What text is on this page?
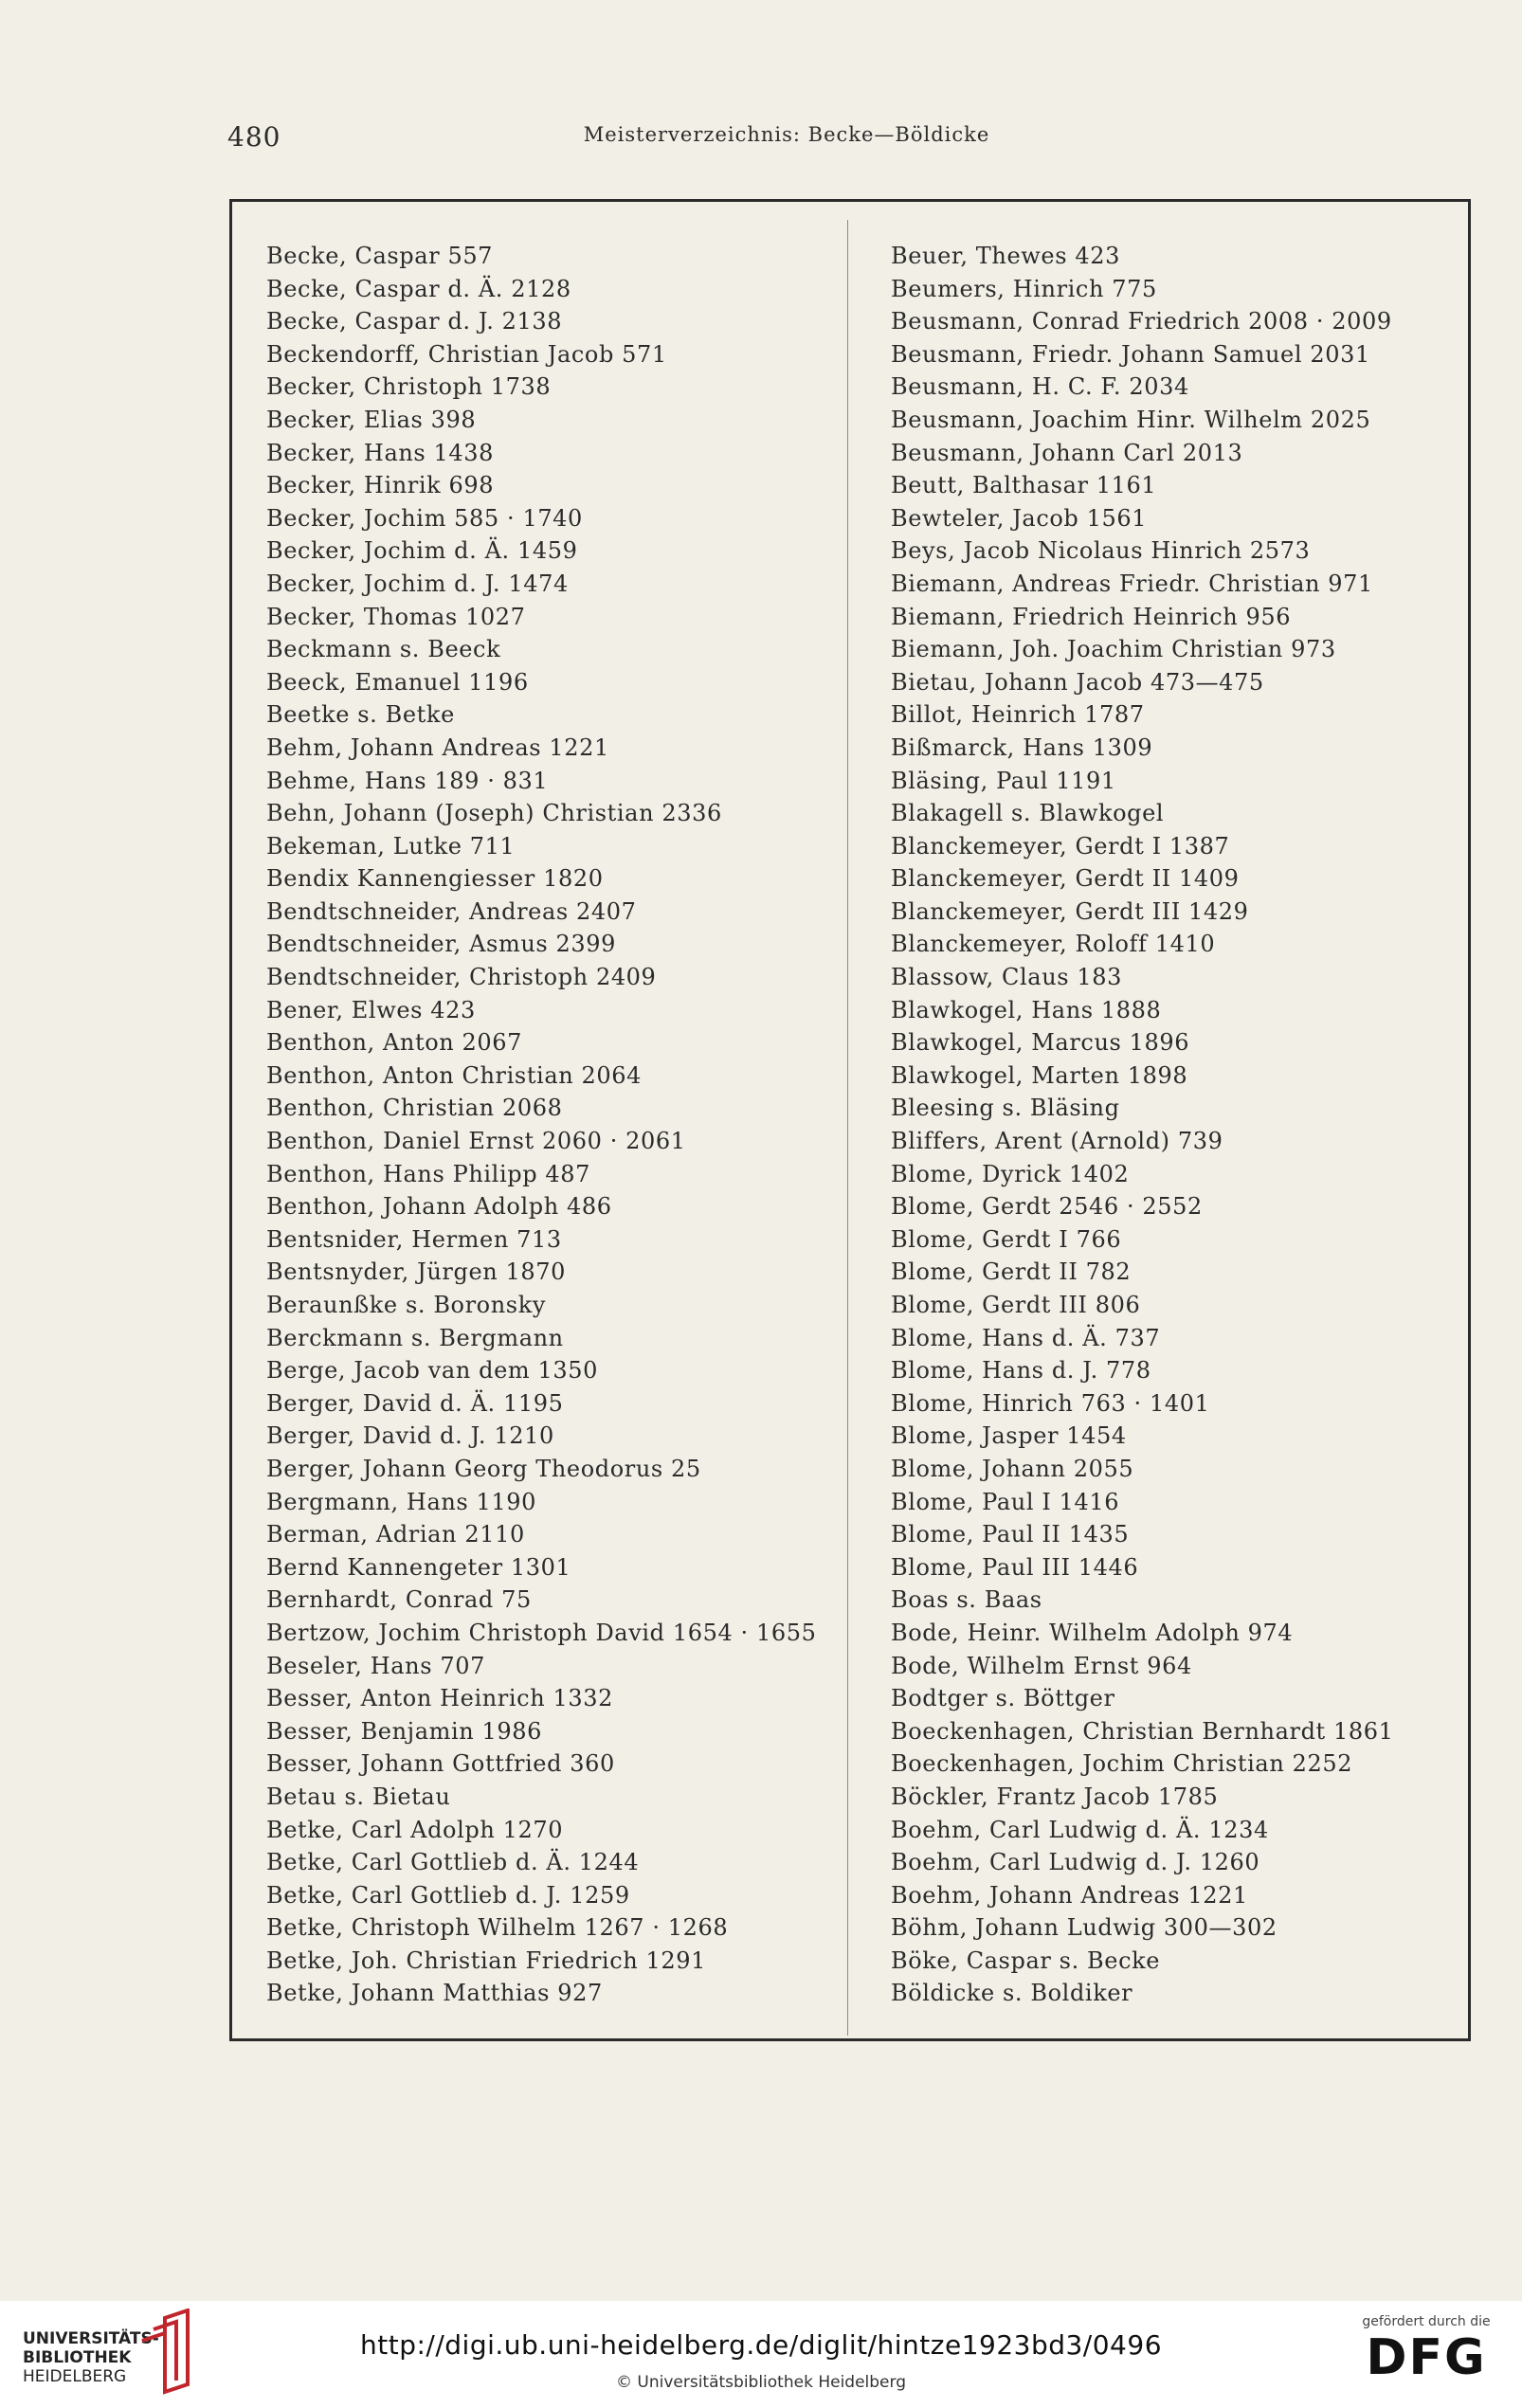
480	Meisterverzeichnis: Becke—Böldicke
Becke, Caspar 557
Becke, Caspar d. Ä. 2128
Becke, Caspar d. J. 2138
Beckendorff, Christian Jacob 571
Becker, Christoph 1738
Becker, Elias 398
Becker, Hans 1438
Becker, Hinrik 698
Becker, Jochim 585 · 1740
Becker, Jochim d. Ä. 1459
Becker, Jochim d. J. 1474
Becker, Thomas 1027
Beckmann s. Beeck
Beeck, Emanuel 1196
Beetke s. Betke
Behm, Johann Andreas 1221
Behme, Hans 189 · 831
Behn, Johann (Joseph) Christian 2336
Bekeman, Lutke 711
Bendix Kannengiesser 1820
Bendtschneider, Andreas 2407
Bendtschneider, Asmus 2399
Bendtschneider, Christoph 2409
Bener, Elwes 423
Benthon, Anton 2067
Benthon, Anton Christian 2064
Benthon, Christian 2068
Benthon, Daniel Ernst 2060 · 2061
Benthon, Hans Philipp 487
Benthon, Johann Adolph 486
Bentsnider, Hermen 713
Bentsnyder, Jürgen 1870
Beraunßke s. Boronsky
Berckmann s. Bergmann
Berge, Jacob van dem 1350
Berger, David d. Ä. 1195
Berger, David d. J. 1210
Berger, Johann Georg Theodorus 25
Bergmann, Hans 1190
Berman, Adrian 2110
Bernd Kannengeter 1301
Bernhardt, Conrad 75
Bertzow, Jochim Christoph David 1654 · 1655
Beseler, Hans 707
Besser, Anton Heinrich 1332
Besser, Benjamin 1986
Besser, Johann Gottfried 360
Betau s. Bietau
Betke, Carl Adolph 1270
Betke, Carl Gottlieb d. Ä. 1244
Betke, Carl Gottlieb d. J. 1259
Betke, Christoph Wilhelm 1267 · 1268
Betke, Joh. Christian Friedrich 1291
Betke, Johann Matthias 927
Beuer, Thewes 423
Beumers, Hinrich 775
Beusmann, Conrad Friedrich 2008 · 2009
Beusmann, Friedr. Johann Samuel 2031
Beusmann, H. C. F. 2034
Beusmann, Joachim Hinr. Wilhelm 2025
Beusmann, Johann Carl 2013
Beutt, Balthasar 1161
Bewteler, Jacob 1561
Beys, Jacob Nicolaus Hinrich 2573
Biemann, Andreas Friedr. Christian 971
Biemann, Friedrich Heinrich 956
Biemann, Joh. Joachim Christian 973
Bietau, Johann Jacob 473—475
Billot, Heinrich 1787
Bißmarck, Hans 1309
Bläsing, Paul 1191
Blakagell s. Blawkogel
Blanckemeyer, Gerdt I 1387
Blanckemeyer, Gerdt II 1409
Blanckemeyer, Gerdt III 1429
Blanckemeyer, Roloff 1410
Blassow, Claus 183
Blawkogel, Hans 1888
Blawkogel, Marcus 1896
Blawkogel, Marten 1898
Bleesing s. Bläsing
Bliffers, Arent (Arnold) 739
Blome, Dyrick 1402
Blome, Gerdt 2546 · 2552
Blome, Gerdt I 766
Blome, Gerdt II 782
Blome, Gerdt III 806
Blome, Hans d. Ä. 737
Blome, Hans d. J. 778
Blome, Hinrich 763 · 1401
Blome, Jasper 1454
Blome, Johann 2055
Blome, Paul I 1416
Blome, Paul II 1435
Blome, Paul III 1446
Boas s. Baas
Bode, Heinr. Wilhelm Adolph 974
Bode, Wilhelm Ernst 964
Bodtger s. Böttger
Boeckenhagen, Christian Bernhardt 1861
Boeckenhagen, Jochim Christian 2252
Böckler, Frantz Jacob 1785
Boehm, Carl Ludwig d. Ä. 1234
Boehm, Carl Ludwig d. J. 1260
Boehm, Johann Andreas 1221
Böhm, Johann Ludwig 300—302
Böke, Caspar s. Becke
Böldicke s. Boldiker
UNIVERSITÄTS-
BIBLIOTHEK
HEIDELBERG
http://digi.ub.uni-heidelberg.de/diglit/hintze1923bd3/0496
© Universitätsbibliothek Heidelberg
gefördert durch die
DFG
